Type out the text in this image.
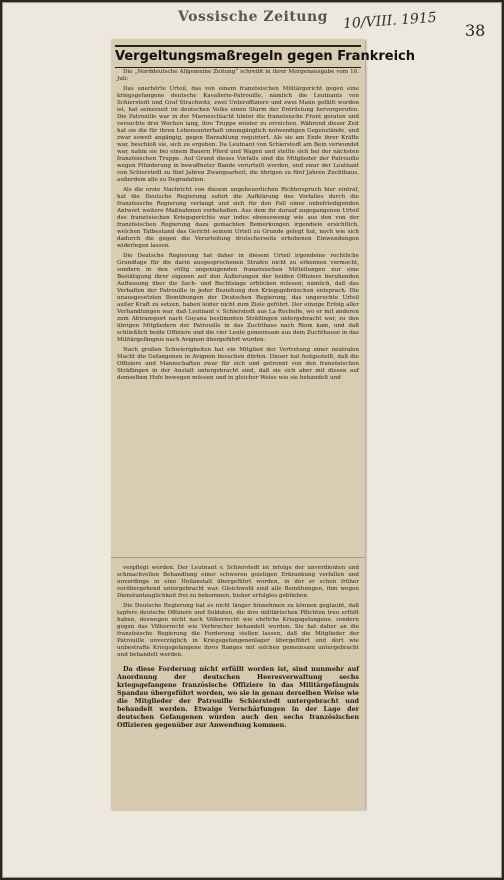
Vossische Zeitung	10/VIII. 1915 38
Vergeltungsmaßregeln gegen Frankreich

Die „Norddeutsche Allgemeine Zeitung“ schreibt in ihrer Morgenausgabe vom 10. Juli:

Das unerhörte Urteil, das von einem französischen Militärgericht gegen eine kriegsgefangene deutsche Kavallerie-Patrouille, nämlich die Leutnants von Schierstedt und Graf Strachwitz, zwei Unteroffiziere und zwei Mann gefällt worden ist, hat seinerzeit im deutschen Volke einen Sturm der Entrüstung hervorgerufen. Die Patrouille war in der Marneschlacht hinter die französische Front geraten und versuchte drei Wochen lang, ihre Truppe wieder zu erreichen. Während dieser Zeit hat sie die für ihren Lebensunterhalt unumgänglich notwendigen Gegenstände, und zwar soweit angängig, gegen Barzahlung requiriert. Als sie am Ende ihrer Kräfte war, beschloß sie, sich zu ergeben. Da Leutnant von Schierstedt am Bein verwundet war, nahm sie bei einem Bauern Pferd und Wagen und stellte sich bei der nächsten französischen Truppe. Auf Grund dieses Vorfalls sind die Mitglieder der Patrouille wegen Plünderung in bewaffneter Bande verurteilt worden, und zwar der Leutnant von Schierstedt zu fünf Jahren Zwangsarbeit, die übrigen zu fünf Jahren Zuchthaus, außerdem alle zu Degradation.

Als die erste Nachricht von diesem ungeheuerlichen Richterspruch hier eintraf, hat die Deutsche Regierung sofort die Aufklärung des Vorfalles durch die französische Regierung verlangt und sich für den Fall einer unbefriedigenden Antwort weitere Maßnahmen vorbehalten. Aus dem ihr darauf zugegangenen Urteil des französischen Kriegsgerichts war indes ebensowenig wie aus den von der französischen Regierung dazu gemachten Bemerkungen irgendwie ersichtlich, welchen Tatbestand das Gericht seinem Urteil zu Grunde gelegt hat, noch wie sich dadurch die gegen die Verurteilung drutscherseits erhobenen Einwendungen widerlegen lassen.

Die Deutsche Regierung hat daher in diesem Urteil irgendeine rechtliche Grundlage für die darin ausgesprochenen Strafen nicht zu erkennen vermocht, sondern in den völlig ungenügenden französischen Mitteilungen nur eine Bestätigung ihrer eigenen auf den Äußerungen der beiden Offiziere beruhenden Auffassung über die Sach- und Rechtslage erblicken müssen; nämlich, daß das Verhalten der Patrouille in jeder Beziehung den Kriegsgebräuchen entsprach. Die unausgesetzten Bemühungen der Deutschen Regierung, das ungerechte Urteil außer Kraft zu setzen, haben leider nicht zum Ziele geführt. Der einzige Erfolg aller Verhandlungen war, daß Leutnant v. Schierstedt aus La Rochelle, wo er mit anderen zum Abtransport nach Guyana bestimmten Sträflingen untergebracht war, zu den übrigen Mitgliedern der Patrouille in das Zuchthaus nach Riom kam, und daß schließlich beide Offiziere und die vier Leute gemeinsam aus dem Zuchthause in das Militärgefängnis nach Avignon übergeführt wurden.

Nach großen Schwierigkeiten hat ein Mitglied der Vertretung einer neutralen Macht die Gefangenen in Avignon besuchen dürfen. Dieser hat festgestellt, daß die Offiziere und Mannschaften zwar für sich und getrennt von den französischen Sträflingen in der Anstalt untergebracht sind, daß sie sich aber mit diesen auf demselben Hofe bewegen müssen und in gleicher Weise wie sie behandelt und

verpflegt werden. Der Leutnant v. Schierstedt ist infolge der unverdienten und schmachvollen Behandlung einer schweren geistigen Erkrankung verfallen und unverdinge in eine Heilanstalt übergeführt worden, in der er schon früher vorübergehend untergebracht war. Gleichwohl sind alle Bemühungen, ihm wegen Dienstuntauglichkeit frei zu bekommen, bisher erfolglos geblieben.

Die Deutsche Regierung hat es nicht länger hinnehmen zu können geglaubt, daß tapfere deutsche Offiziere und Soldaten, die ihre militärischen Pflichten treu erfüllt haben, deswegen nicht nach Völkerrecht wie ehrliche Kriegsgefangene, sondern gegen das Völkerrecht wie Verbrecher behandelt werden. Sie hat daher an die französische Regierung die Forderung stellen lassen, daß die Mitglieder der Patrouille unverzüglich in Kriegsgefangenenlager übergeführt und dort wie unbestrafte Kriegsgefangene ihres Ranges mit solchen gemeinsam untergebracht und behandelt werden.

Da diese Forderung nicht erfüllt worden ist, sind nunmehr auf Anordnung der deutschen Heeresverwaltung sechs kriegsgefangene französische Offiziere in das Militärgefängnis Spandau übergeführt worden, wo sie in genau derselben Weise wie die Mitglieder der Patrouille Schierstedt untergebracht und behandelt werden. Etwaige Verschärfungen in der Lage der deutschen Gefangenen würden auch den sechs französischen Offizieren gegenüber zur Anwendung kommen.
